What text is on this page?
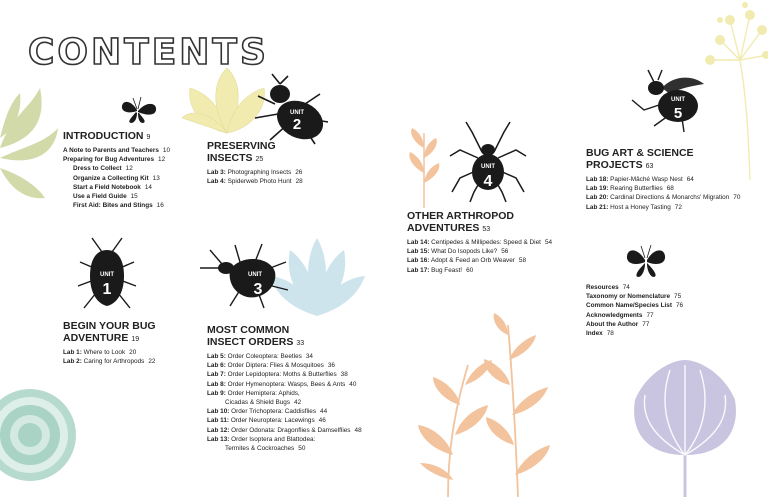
CONTENTS
UNIT
2
UNIT
1
UNIT
3
UNIT
4
UNIT
5
INTRODUCTION 9
A Note to Parents and Teachers 10
Preparing for Bug Adventures 12
Dress to Collect 12
Organize a Collecting Kit 13
Start a Field Notebook 14
Use a Field Guide 15
First Aid: Bites and Stings 16
BEGIN YOUR BUG
ADVENTURE 19
Lab 1: Where to Look 20
Lab 2: Caring for Arthropods 22
PRESERVING
INSECTS 25
Lab 3: Photographing Insects 26
Lab 4: Spiderweb Photo Hunt 28
MOST COMMON
INSECT ORDERS 33
Lab 5: Order Coleoptera: Beetles 34
Lab 6: Order Diptera: Flies & Mosquitoes 36
Lab 7: Order Lepidoptera: Moths & Butterflies 38
Lab 8: Order Hymenoptera: Wasps, Bees & Ants 40
Lab 9: Order Hemiptera: Aphids,
Cicadas & Shield Bugs 42
Lab 10: Order Trichoptera: Caddisflies 44
Lab 11: Order Neuroptera: Lacewings 46
Lab 12: Order Odonata: Dragonflies & Damselflies 48
Lab 13: Order Isoptera and Blattodea:
Termites & Cockroaches 50
OTHER ARTHROPOD
ADVENTURES 53
Lab 14: Centipedes & Millipedes: Speed & Diet 54
Lab 15: What Do Isopods Like? 56
Lab 16: Adopt & Feed an Orb Weaver 58
Lab 17: Bug Feast! 60
BUG ART & SCIENCE
PROJECTS 63
Lab 18: Papier-Mâché Wasp Nest 64
Lab 19: Rearing Butterflies 68
Lab 20: Cardinal Directions & Monarchs' Migration 70
Lab 21: Host a Honey Tasting 72
Resources 74
Taxonomy or Nomenclature 75
Common Name/Species List 76
Acknowledgments 77
About the Author 77
Index 78
